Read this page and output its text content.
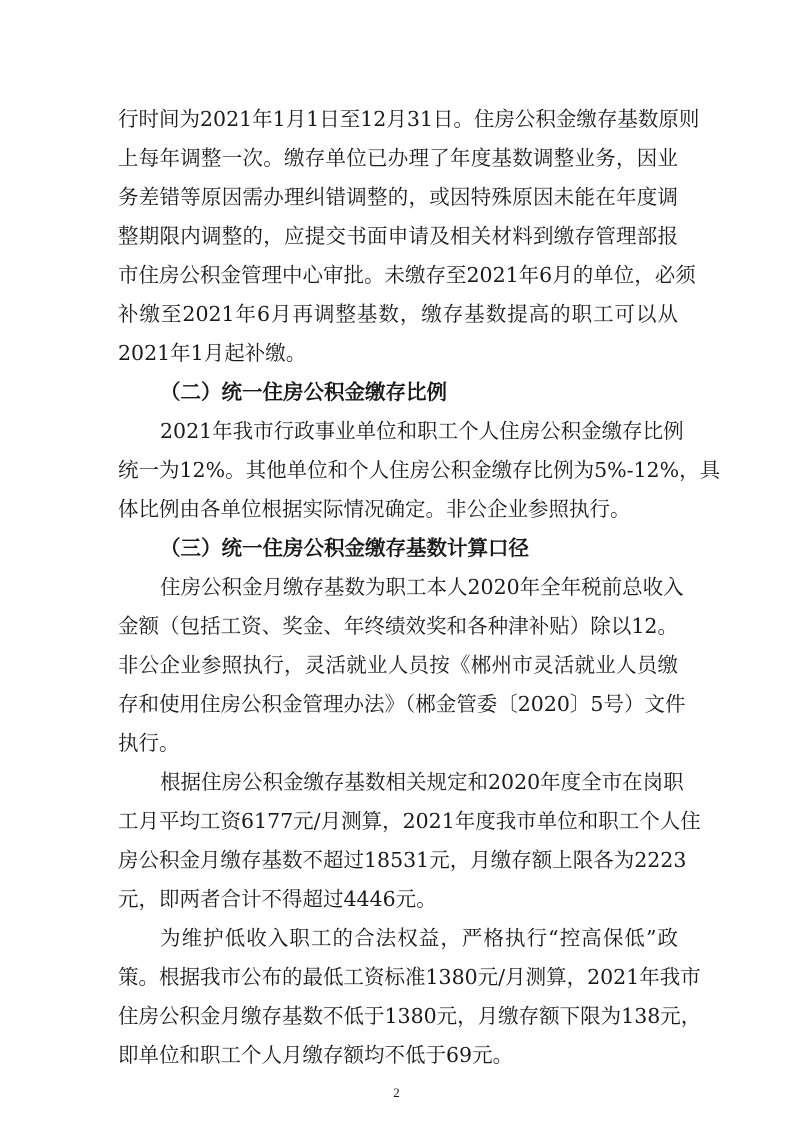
行时间为2021年1月1日至12月31日。住房公积金缴存基数原则
上每年调整一次。缴存单位已办理了年度基数调整业务，因业
务差错等原因需办理纠错调整的，或因特殊原因未能在年度调
整期限内调整的，应提交书面申请及相关材料到缴存管理部报
市住房公积金管理中心审批。未缴存至2021年6月的单位，必须
补缴至2021年6月再调整基数，缴存基数提高的职工可以从
2021年1月起补缴。
（二）统一住房公积金缴存比例
2021年我市行政事业单位和职工个人住房公积金缴存比例
统一为12%。其他单位和个人住房公积金缴存比例为5%-12%，具
体比例由各单位根据实际情况确定。非公企业参照执行。
（三）统一住房公积金缴存基数计算口径
住房公积金月缴存基数为职工本人2020年全年税前总收入
金额（包括工资、奖金、年终绩效奖和各种津补贴）除以12。
非公企业参照执行，灵活就业人员按《郴州市灵活就业人员缴
存和使用住房公积金管理办法》（郴金管委〔2020〕5号）文件
执行。
根据住房公积金缴存基数相关规定和2020年度全市在岗职
工月平均工资6177元/月测算，2021年度我市单位和职工个人住
房公积金月缴存基数不超过18531元，月缴存额上限各为2223
元，即两者合计不得超过4446元。
为维护低收入职工的合法权益，严格执行“控高保低”政
策。根据我市公布的最低工资标准1380元/月测算，2021年我市
住房公积金月缴存基数不低于1380元，月缴存额下限为138元，
即单位和职工个人月缴存额均不低于69元。
2
